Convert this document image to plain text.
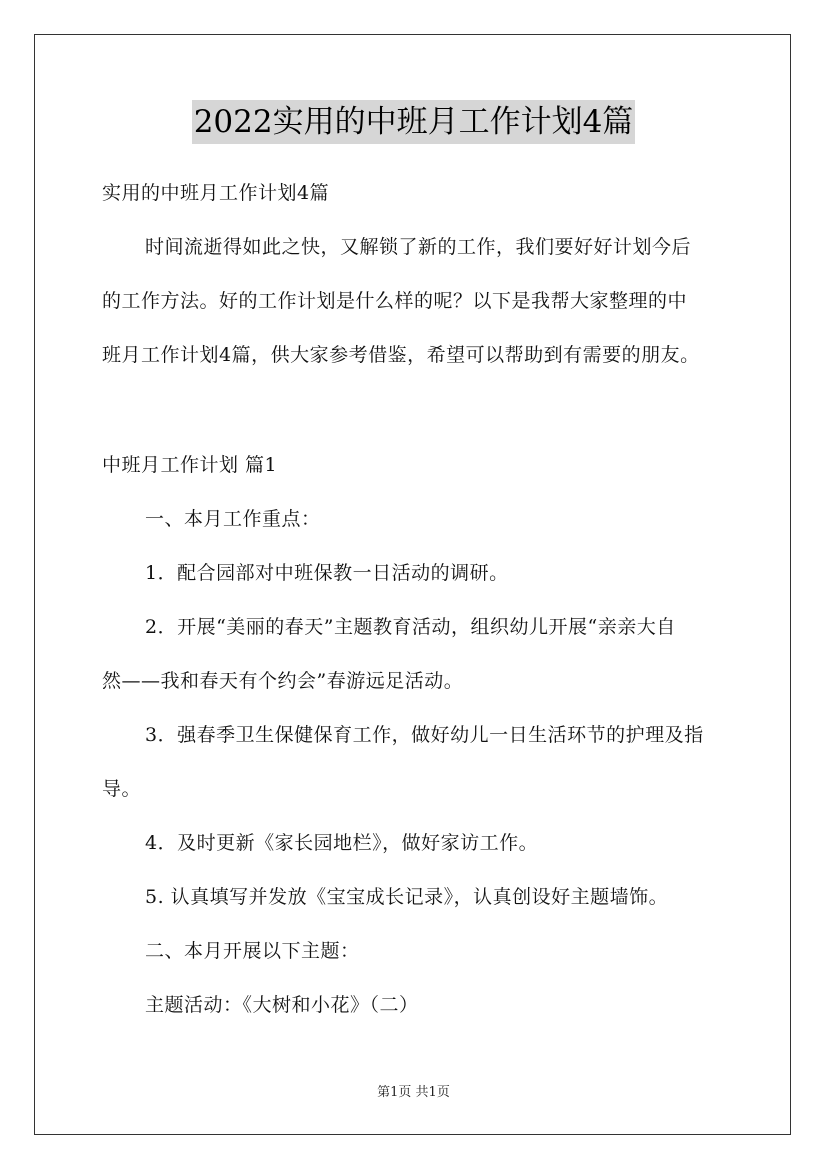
2022实用的中班月工作计划4篇
实用的中班月工作计划4篇
时间流逝得如此之快，又解锁了新的工作，我们要好好计划今后
的工作方法。好的工作计划是什么样的呢？以下是我帮大家整理的中
班月工作计划4篇，供大家参考借鉴，希望可以帮助到有需要的朋友。
中班月工作计划 篇1
一、本月工作重点：
1．配合园部对中班保教一日活动的调研。
2．开展“美丽的春天”主题教育活动，组织幼儿开展“亲亲大自
然——我和春天有个约会”春游远足活动。
3．强春季卫生保健保育工作，做好幼儿一日生活环节的护理及指
导。
4．及时更新《家长园地栏》，做好家访工作。
5. 认真填写并发放《宝宝成长记录》，认真创设好主题墙饰。
二、本月开展以下主题：
主题活动：《大树和小花》（二）
第1页 共1页
